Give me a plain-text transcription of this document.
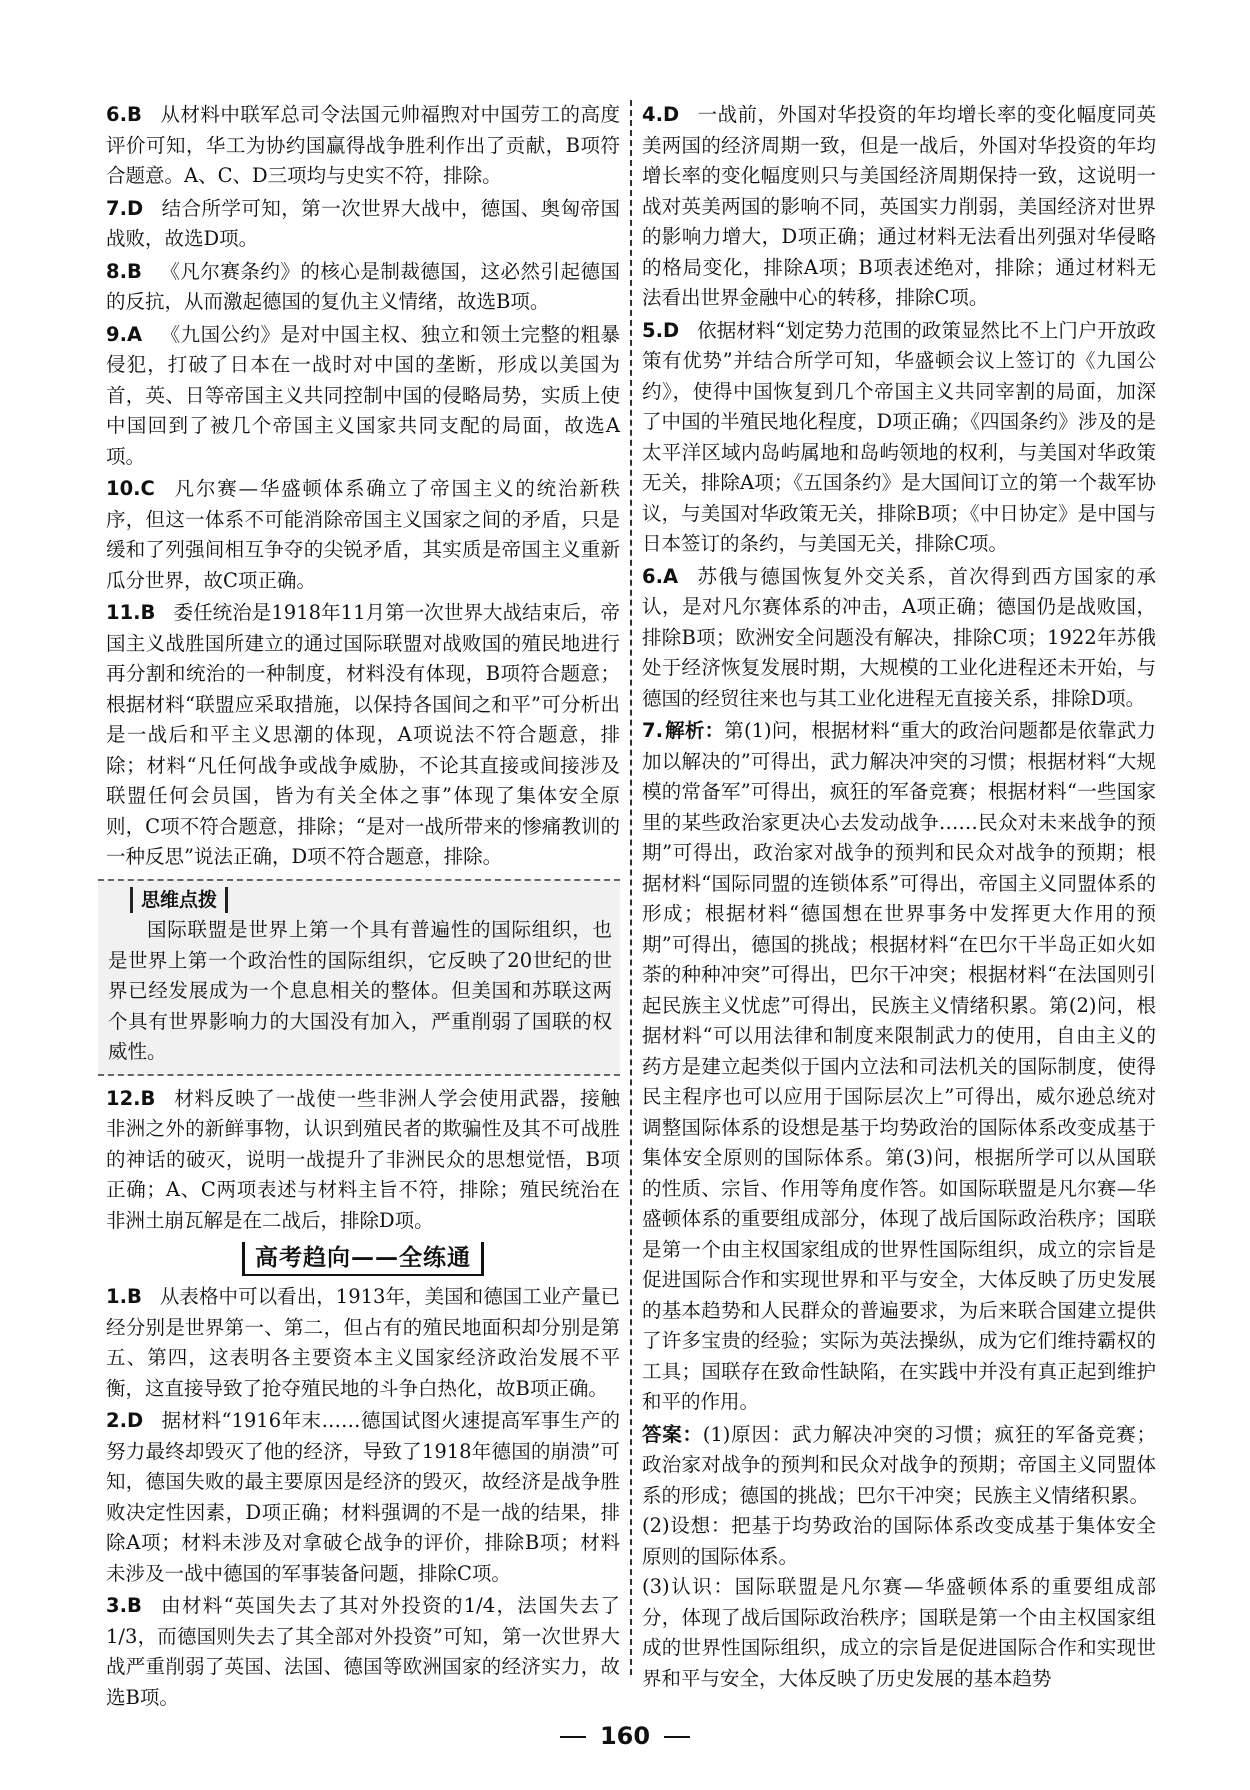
6.B 从材料中联军总司令法国元帅福煦对中国劳工的高度评价可知，华工为协约国赢得战争胜利作出了贡献，B项符合题意。A、C、D三项均与史实不符，排除。

7.D 结合所学可知，第一次世界大战中，德国、奥匈帝国战败，故选D项。

8.B 《凡尔赛条约》的核心是制裁德国，这必然引起德国的反抗，从而激起德国的复仇主义情绪，故选B项。

9.A 《九国公约》是对中国主权、独立和领土完整的粗暴侵犯，打破了日本在一战时对中国的垄断，形成以美国为首，英、日等帝国主义共同控制中国的侵略局势，实质上使中国回到了被几个帝国主义国家共同支配的局面，故选A项。

10.C 凡尔赛—华盛顿体系确立了帝国主义的统治新秩序，但这一体系不可能消除帝国主义国家之间的矛盾，只是缓和了列强间相互争夺的尖锐矛盾，其实质是帝国主义重新瓜分世界，故C项正确。

11.B 委任统治是1918年11月第一次世界大战结束后，帝国主义战胜国所建立的通过国际联盟对战败国的殖民地进行再分割和统治的一种制度，材料没有体现，B项符合题意；根据材料“联盟应采取措施，以保持各国间之和平”可分析出是一战后和平主义思潮的体现，A项说法不符合题意，排除；材料“凡任何战争或战争威胁，不论其直接或间接涉及联盟任何会员国，皆为有关全体之事”体现了集体安全原则，C项不符合题意，排除；“是对一战所带来的惨痛教训的一种反思”说法正确，D项不符合题意，排除。

思维点拨
国际联盟是世界上第一个具有普遍性的国际组织，也是世界上第一个政治性的国际组织，它反映了20世纪的世界已经发展成为一个息息相关的整体。但美国和苏联这两个具有世界影响力的大国没有加入，严重削弱了国联的权威性。

12.B 材料反映了一战使一些非洲人学会使用武器，接触非洲之外的新鲜事物，认识到殖民者的欺骗性及其不可战胜的神话的破灭，说明一战提升了非洲民众的思想觉悟，B项正确；A、C两项表述与材料主旨不符，排除；殖民统治在非洲土崩瓦解是在二战后，排除D项。

高考趋向——全练通

1.B 从表格中可以看出，1913年，美国和德国工业产量已经分别是世界第一、第二，但占有的殖民地面积却分别是第五、第四，这表明各主要资本主义国家经济政治发展不平衡，这直接导致了抢夺殖民地的斗争白热化，故B项正确。

2.D 据材料“1916年末……德国试图火速提高军事生产的努力最终却毁灭了他的经济，导致了1918年德国的崩溃”可知，德国失败的最主要原因是经济的毁灭，故经济是战争胜败决定性因素，D项正确；材料强调的不是一战的结果，排除A项；材料未涉及对拿破仑战争的评价，排除B项；材料未涉及一战中德国的军事装备问题，排除C项。

3.B 由材料“英国失去了其对外投资的1/4，法国失去了1/3，而德国则失去了其全部对外投资”可知，第一次世界大战严重削弱了英国、法国、德国等欧洲国家的经济实力，故选B项。

4.D 一战前，外国对华投资的年均增长率的变化幅度同英美两国的经济周期一致，但是一战后，外国对华投资的年均增长率的变化幅度则只与美国经济周期保持一致，这说明一战对英美两国的影响不同，英国实力削弱，美国经济对世界的影响力增大，D项正确；通过材料无法看出列强对华侵略的格局变化，排除A项；B项表述绝对，排除；通过材料无法看出世界金融中心的转移，排除C项。

5.D 依据材料“划定势力范围的政策显然比不上门户开放政策有优势”并结合所学可知，华盛顿会议上签订的《九国公约》，使得中国恢复到几个帝国主义共同宰割的局面，加深了中国的半殖民地化程度，D项正确；《四国条约》涉及的是太平洋区域内岛屿属地和岛屿领地的权利，与美国对华政策无关，排除A项；《五国条约》是大国间订立的第一个裁军协议，与美国对华政策无关，排除B项；《中日协定》是中国与日本签订的条约，与美国无关，排除C项。

6.A 苏俄与德国恢复外交关系，首次得到西方国家的承认，是对凡尔赛体系的冲击，A项正确；德国仍是战败国，排除B项；欧洲安全问题没有解决，排除C项；1922年苏俄处于经济恢复发展时期，大规模的工业化进程还未开始，与德国的经贸往来也与其工业化进程无直接关系，排除D项。

7. 解析：第(1)问，根据材料“重大的政治问题都是依靠武力加以解决的”可得出，武力解决冲突的习惯；根据材料“大规模的常备军”可得出，疯狂的军备竞赛；根据材料“一些国家里的某些政治家更决心去发动战争……民众对未来战争的预期”可得出，政治家对战争的预判和民众对战争的预期；根据材料“国际同盟的连锁体系”可得出，帝国主义同盟体系的形成；根据材料“德国想在世界事务中发挥更大作用的预期”可得出，德国的挑战；根据材料“在巴尔干半岛正如火如荼的种种冲突”可得出，巴尔干冲突；根据材料“在法国则引起民族主义忧虑”可得出，民族主义情绪积累。第(2)问，根据材料“可以用法律和制度来限制武力的使用，自由主义的药方是建立起类似于国内立法和司法机关的国际制度，使得民主程序也可以应用于国际层次上”可得出，威尔逊总统对调整国际体系的设想是基于均势政治的国际体系改变成基于集体安全原则的国际体系。第(3)问，根据所学可以从国联的性质、宗旨、作用等角度作答。如国际联盟是凡尔赛—华盛顿体系的重要组成部分，体现了战后国际政治秩序；国联是第一个由主权国家组成的世界性国际组织，成立的宗旨是促进国际合作和实现世界和平与安全，大体反映了历史发展的基本趋势和人民群众的普遍要求，为后来联合国建立提供了许多宝贵的经验；实际为英法操纵，成为它们维持霸权的工具；国联存在致命性缺陷，在实践中并没有真正起到维护和平的作用。

答案：(1)原因：武力解决冲突的习惯；疯狂的军备竞赛；政治家对战争的预判和民众对战争的预期；帝国主义同盟体系的形成；德国的挑战；巴尔干冲突；民族主义情绪积累。

(2)设想：把基于均势政治的国际体系改变成基于集体安全原则的国际体系。

(3)认识：国际联盟是凡尔赛—华盛顿体系的重要组成部分，体现了战后国际政治秩序；国联是第一个由主权国家组成的世界性国际组织，成立的宗旨是促进国际合作和实现世界和平与安全，大体反映了历史发展的基本趋势

160
